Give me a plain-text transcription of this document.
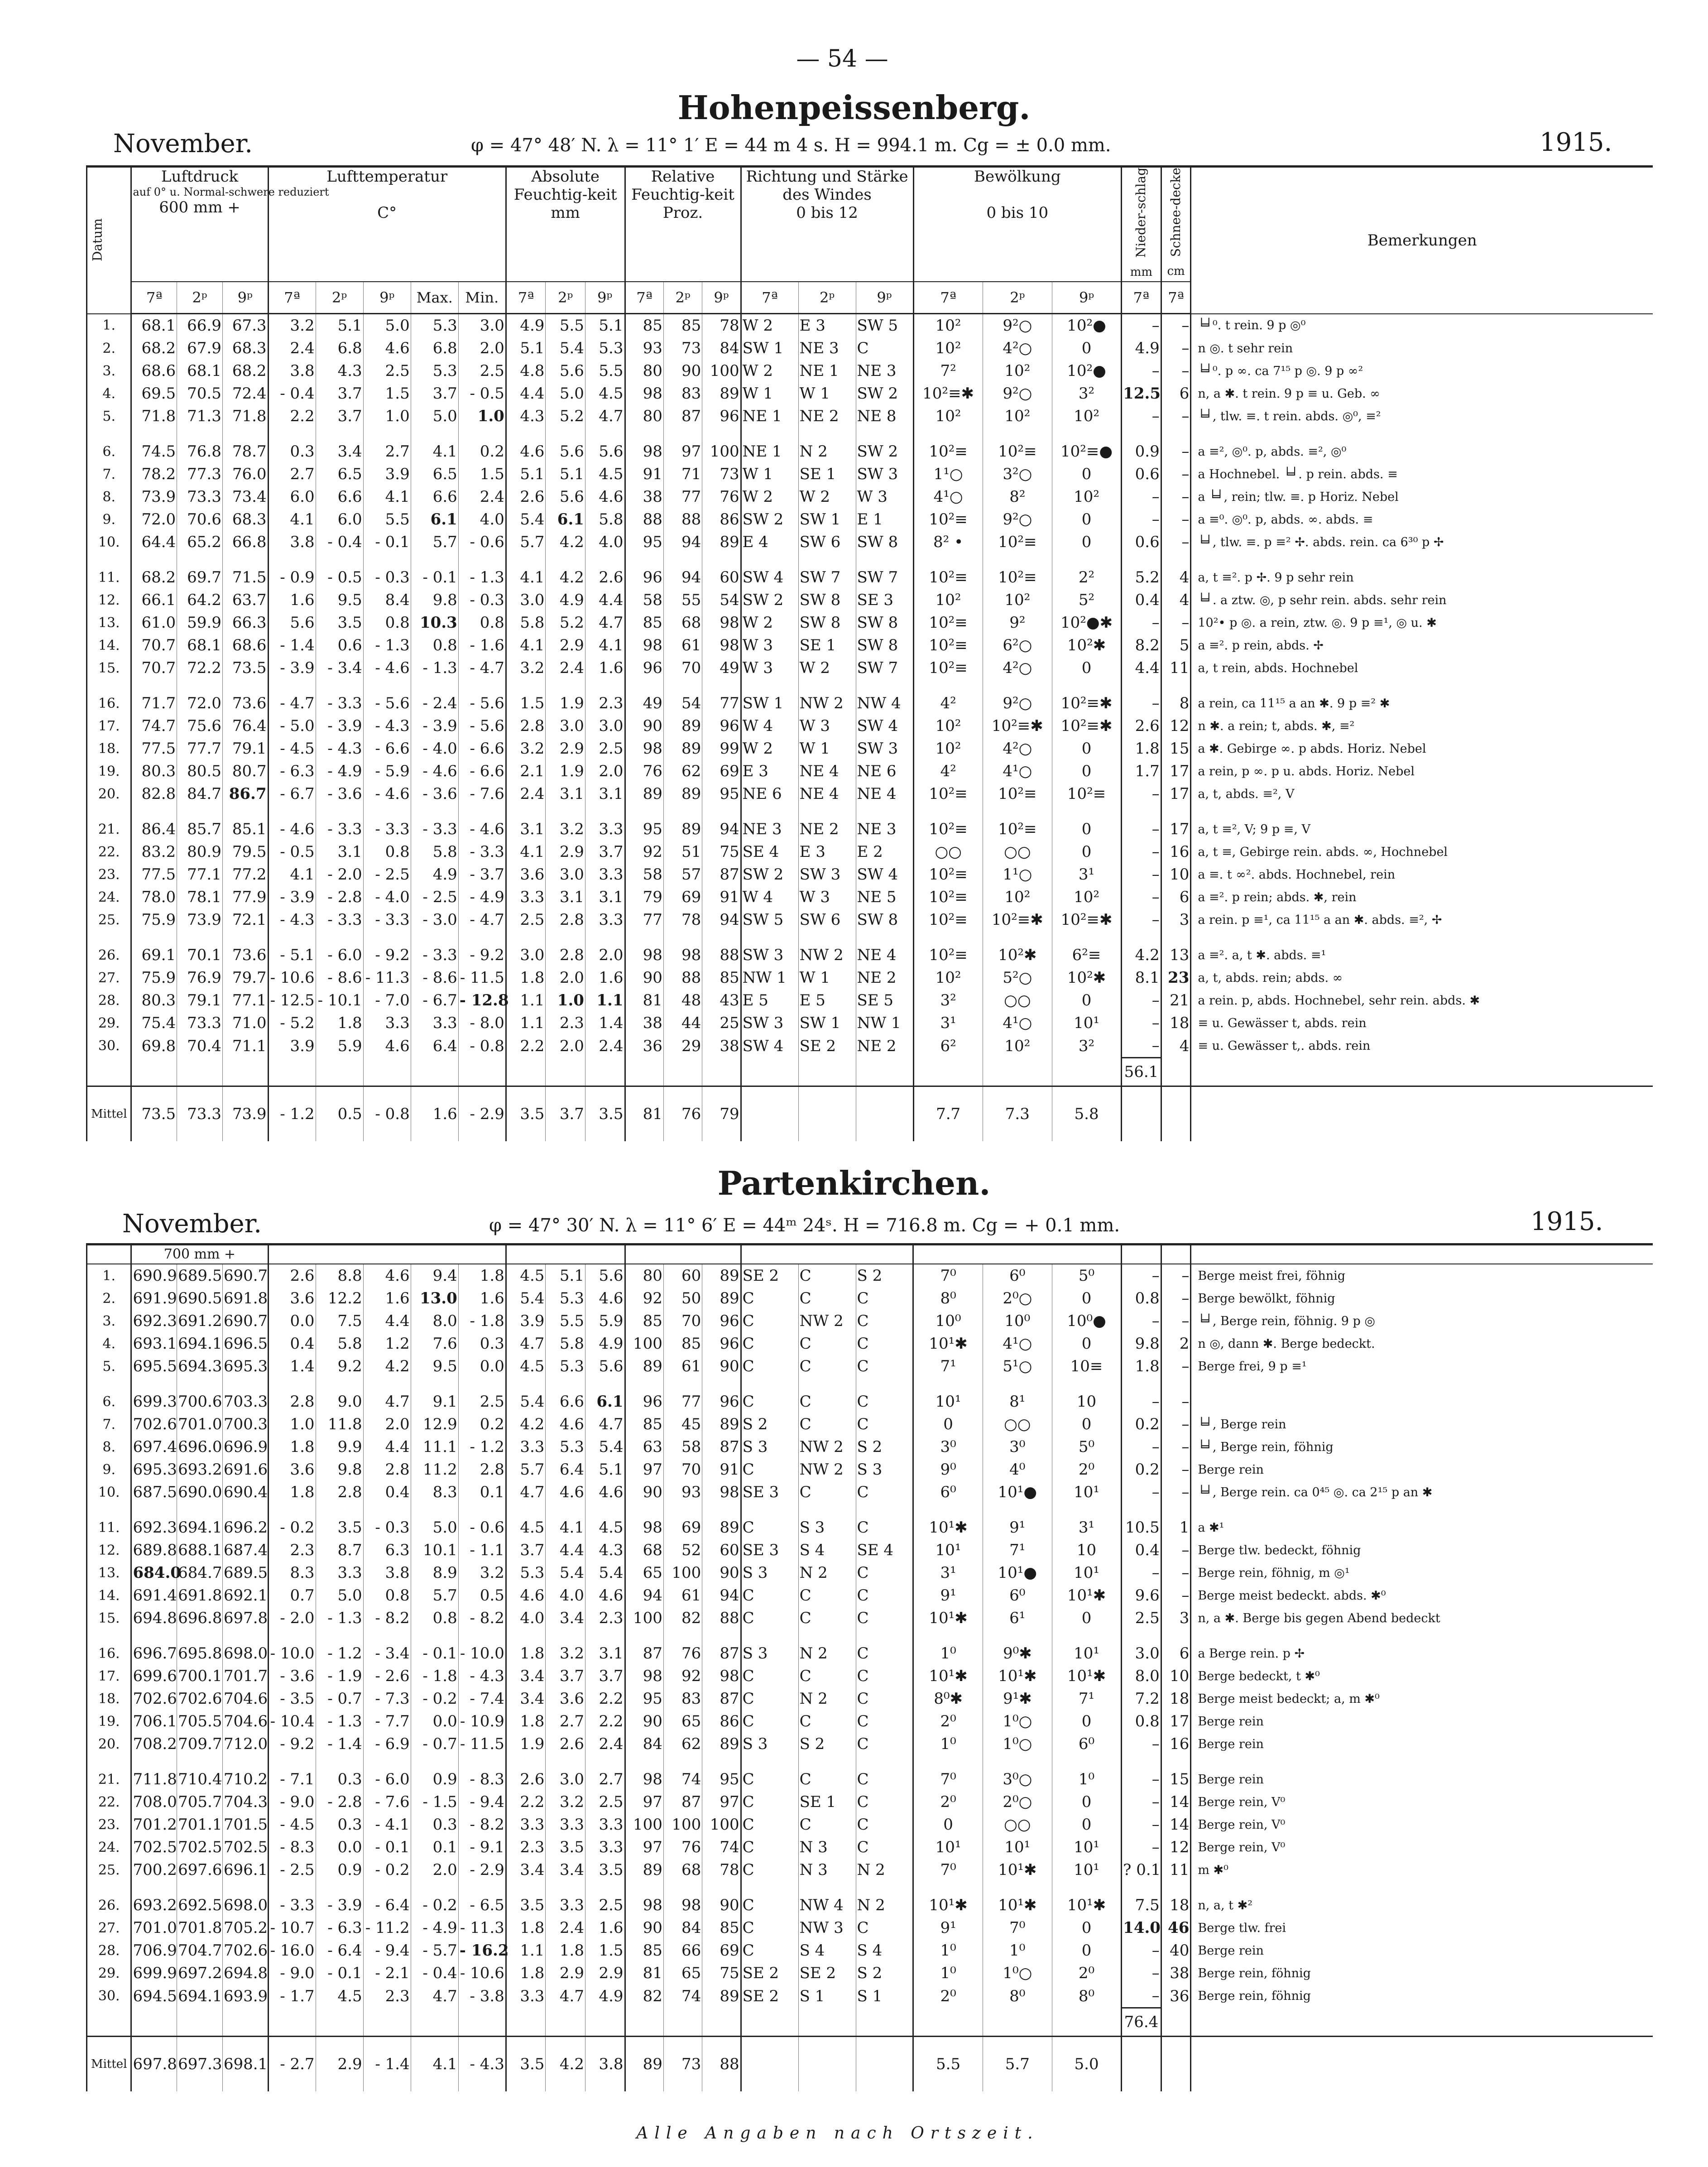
— 54 —
Hohenpeissenberg.
November.	φ = 47° 48′ N. λ = 11° 1′ E = 44 m 4 s. H = 994.1 m. Cg = ± 0.0 mm.	1915.
Datum	Luftdruck
auf 0° u. Normal-schwere reduziert
600 mm +			Lufttemperatur

C°					Absolute Feuchtig-keit
mm			Relative Feuchtig-keit
Proz.			Richtung und Stärke des Windes
0 bis 12			Bewölkung

0 bis 10			Nieder-schlag
mm	Schnee-decke
cm	Bemerkungen
	7ª	2ᵖ	9ᵖ	7ª	2ᵖ	9ᵖ	Max.	Min.	7ª	2ᵖ	9ᵖ	7ª	2ᵖ	9ᵖ	7ª	2ᵖ	9ᵖ	7ª	2ᵖ	9ᵖ	7ª	7ª	
1.	68.1	66.9	67.3	3.2	5.1	5.0	5.3	3.0	4.9	5.5	5.1	85	85	78	W 2	E 3	SW 5	10²	9²○	10²●	–	–	╘╛⁰. t rein. 9 p ◎⁰
2.	68.2	67.9	68.3	2.4	6.8	4.6	6.8	2.0	5.1	5.4	5.3	93	73	84	SW 1	NE 3	C	10²	4²○	0	4.9	–	n ◎. t sehr rein
3.	68.6	68.1	68.2	3.8	4.3	2.5	5.3	2.5	4.8	5.6	5.5	80	90	100	W 2	NE 1	NE 3	7²	10²	10²●	–	–	╘╛⁰. p ∞. ca 7¹⁵ p ◎. 9 p ∞²
4.	69.5	70.5	72.4	- 0.4	3.7	1.5	3.7	- 0.5	4.4	5.0	4.5	98	83	89	W 1	W 1	SW 2	10²≡✱	9²○	3²	12.5	6	n, a ✱. t rein. 9 p ≡ u. Geb. ∞
5.	71.8	71.3	71.8	2.2	3.7	1.0	5.0	1.0	4.3	5.2	4.7	80	87	96	NE 1	NE 2	NE 8	10²	10²	10²	–	–	╘╛, tlw. ≡. t rein. abds. ◎⁰, ≡²

6.	74.5	76.8	78.7	0.3	3.4	2.7	4.1	0.2	4.6	5.6	5.6	98	97	100	NE 1	N 2	SW 2	10²≡	10²≡	10²≡●	0.9	–	a ≡², ◎⁰. p, abds. ≡², ◎⁰
7.	78.2	77.3	76.0	2.7	6.5	3.9	6.5	1.5	5.1	5.1	4.5	91	71	73	W 1	SE 1	SW 3	1¹○	3²○	0	0.6	–	a Hochnebel. ╘╛. p rein. abds. ≡
8.	73.9	73.3	73.4	6.0	6.6	4.1	6.6	2.4	2.6	5.6	4.6	38	77	76	W 2	W 2	W 3	4¹○	8²	10²	–	–	a ╘╛, rein; tlw. ≡. p Horiz. Nebel
9.	72.0	70.6	68.3	4.1	6.0	5.5	6.1	4.0	5.4	6.1	5.8	88	88	86	SW 2	SW 1	E 1	10²≡	9²○	0	–	–	a ≡⁰. ◎⁰. p, abds. ∞. abds. ≡
10.	64.4	65.2	66.8	3.8	- 0.4	- 0.1	5.7	- 0.6	5.7	4.2	4.0	95	94	89	E 4	SW 6	SW 8	8² •	10²≡	0	0.6	–	╘╛, tlw. ≡. p ≡² ✢. abds. rein. ca 6³⁰ p ✢

11.	68.2	69.7	71.5	- 0.9	- 0.5	- 0.3	- 0.1	- 1.3	4.1	4.2	2.6	96	94	60	SW 4	SW 7	SW 7	10²≡	10²≡	2²	5.2	4	a, t ≡². p ✢. 9 p sehr rein
12.	66.1	64.2	63.7	1.6	9.5	8.4	9.8	- 0.3	3.0	4.9	4.4	58	55	54	SW 2	SW 8	SE 3	10²	10²	5²	0.4	4	╘╛. a ztw. ◎, p sehr rein. abds. sehr rein
13.	61.0	59.9	66.3	5.6	3.5	0.8	10.3	0.8	5.8	5.2	4.7	85	68	98	W 2	SW 8	SW 8	10²≡	9²	10²●✱	–	–	10²• p ◎. a rein, ztw. ◎. 9 p ≡¹, ◎ u. ✱
14.	70.7	68.1	68.6	- 1.4	0.6	- 1.3	0.8	- 1.6	4.1	2.9	4.1	98	61	98	W 3	SE 1	SW 8	10²≡	6²○	10²✱	8.2	5	a ≡². p rein, abds. ✢
15.	70.7	72.2	73.5	- 3.9	- 3.4	- 4.6	- 1.3	- 4.7	3.2	2.4	1.6	96	70	49	W 3	W 2	SW 7	10²≡	4²○	0	4.4	11	a, t rein, abds. Hochnebel

16.	71.7	72.0	73.6	- 4.7	- 3.3	- 5.6	- 2.4	- 5.6	1.5	1.9	2.3	49	54	77	SW 1	NW 2	NW 4	4²	9²○	10²≡✱	–	8	a rein, ca 11¹⁵ a an ✱. 9 p ≡² ✱
17.	74.7	75.6	76.4	- 5.0	- 3.9	- 4.3	- 3.9	- 5.6	2.8	3.0	3.0	90	89	96	W 4	W 3	SW 4	10²	10²≡✱	10²≡✱	2.6	12	n ✱. a rein; t, abds. ✱, ≡²
18.	77.5	77.7	79.1	- 4.5	- 4.3	- 6.6	- 4.0	- 6.6	3.2	2.9	2.5	98	89	99	W 2	W 1	SW 3	10²	4²○	0	1.8	15	a ✱. Gebirge ∞. p abds. Horiz. Nebel
19.	80.3	80.5	80.7	- 6.3	- 4.9	- 5.9	- 4.6	- 6.6	2.1	1.9	2.0	76	62	69	E 3	NE 4	NE 6	4²	4¹○	0	1.7	17	a rein, p ∞. p u. abds. Horiz. Nebel
20.	82.8	84.7	86.7	- 6.7	- 3.6	- 4.6	- 3.6	- 7.6	2.4	3.1	3.1	89	89	95	NE 6	NE 4	NE 4	10²≡	10²≡	10²≡	–	17	a, t, abds. ≡², V

21.	86.4	85.7	85.1	- 4.6	- 3.3	- 3.3	- 3.3	- 4.6	3.1	3.2	3.3	95	89	94	NE 3	NE 2	NE 3	10²≡	10²≡	0	–	17	a, t ≡², V; 9 p ≡, V
22.	83.2	80.9	79.5	- 0.5	3.1	0.8	5.8	- 3.3	4.1	2.9	3.7	92	51	75	SE 4	E 3	E 2	○○	○○	0	–	16	a, t ≡, Gebirge rein. abds. ∞, Hochnebel
23.	77.5	77.1	77.2	4.1	- 2.0	- 2.5	4.9	- 3.7	3.6	3.0	3.3	58	57	87	SW 2	SW 3	SW 4	10²≡	1¹○	3¹	–	10	a ≡. t ∞². abds. Hochnebel, rein
24.	78.0	78.1	77.9	- 3.9	- 2.8	- 4.0	- 2.5	- 4.9	3.3	3.1	3.1	79	69	91	W 4	W 3	NE 5	10²≡	10²	10²	–	6	a ≡². p rein; abds. ✱, rein
25.	75.9	73.9	72.1	- 4.3	- 3.3	- 3.3	- 3.0	- 4.7	2.5	2.8	3.3	77	78	94	SW 5	SW 6	SW 8	10²≡	10²≡✱	10²≡✱	–	3	a rein. p ≡¹, ca 11¹⁵ a an ✱. abds. ≡², ✢

26.	69.1	70.1	73.6	- 5.1	- 6.0	- 9.2	- 3.3	- 9.2	3.0	2.8	2.0	98	98	88	SW 3	NW 2	NE 4	10²≡	10²✱	6²≡	4.2	13	a ≡². a, t ✱. abds. ≡¹
27.	75.9	76.9	79.7	- 10.6	- 8.6	- 11.3	- 8.6	- 11.5	1.8	2.0	1.6	90	88	85	NW 1	W 1	NE 2	10²	5²○	10²✱	8.1	23	a, t, abds. rein; abds. ∞
28.	80.3	79.1	77.1	- 12.5	- 10.1	- 7.0	- 6.7	- 12.8	1.1	1.0	1.1	81	48	43	E 5	E 5	SE 5	3²	○○	0	–	21	a rein. p, abds. Hochnebel, sehr rein. abds. ✱
29.	75.4	73.3	71.0	- 5.2	1.8	3.3	3.3	- 8.0	1.1	2.3	1.4	38	44	25	SW 3	SW 1	NW 1	3¹	4¹○	10¹	–	18	≡ u. Gewässer t, abds. rein
30.	69.8	70.4	71.1	3.9	5.9	4.6	6.4	- 0.8	2.2	2.0	2.4	36	29	38	SW 4	SE 2	NE 2	6²	10²	3²	–	4	≡ u. Gewässer t,. abds. rein
																					56.1		
Mittel	73.5	73.3	73.9	- 1.2	0.5	- 0.8	1.6	- 2.9	3.5	3.7	3.5	81	76	79				7.7	7.3	5.8			
Partenkirchen.
November.	φ = 47° 30′ N. λ = 11° 6′ E = 44ᵐ 24ˢ. H = 716.8 m. Cg = + 0.1 mm.	1915.
	700 mm +																						
1.	690.9	689.5	690.7	2.6	8.8	4.6	9.4	1.8	4.5	5.1	5.6	80	60	89	SE 2	C	S 2	7⁰	6⁰	5⁰	–	–	Berge meist frei, föhnig
2.	691.9	690.5	691.8	3.6	12.2	1.6	13.0	1.6	5.4	5.3	4.6	92	50	89	C	C	C	8⁰	2⁰○	0	0.8	–	Berge bewölkt, föhnig
3.	692.3	691.2	690.7	0.0	7.5	4.4	8.0	- 1.8	3.9	5.5	5.9	85	70	96	C	NW 2	C	10⁰	10⁰	10⁰●	–	–	╘╛, Berge rein, föhnig. 9 p ◎
4.	693.1	694.1	696.5	0.4	5.8	1.2	7.6	0.3	4.7	5.8	4.9	100	85	96	C	C	C	10¹✱	4¹○	0	9.8	2	n ◎, dann ✱. Berge bedeckt.
5.	695.5	694.3	695.3	1.4	9.2	4.2	9.5	0.0	4.5	5.3	5.6	89	61	90	C	C	C	7¹	5¹○	10≡	1.8	–	Berge frei, 9 p ≡¹

6.	699.3	700.6	703.3	2.8	9.0	4.7	9.1	2.5	5.4	6.6	6.1	96	77	96	C	C	C	10¹	8¹	10	–	–	
7.	702.6	701.0	700.3	1.0	11.8	2.0	12.9	0.2	4.2	4.6	4.7	85	45	89	S 2	C	C	0	○○	0	0.2	–	╘╛, Berge rein
8.	697.4	696.0	696.9	1.8	9.9	4.4	11.1	- 1.2	3.3	5.3	5.4	63	58	87	S 3	NW 2	S 2	3⁰	3⁰	5⁰	–	–	╘╛, Berge rein, föhnig
9.	695.3	693.2	691.6	3.6	9.8	2.8	11.2	2.8	5.7	6.4	5.1	97	70	91	C	NW 2	S 3	9⁰	4⁰	2⁰	0.2	–	Berge rein
10.	687.5	690.0	690.4	1.8	2.8	0.4	8.3	0.1	4.7	4.6	4.6	90	93	98	SE 3	C	C	6⁰	10¹●	10¹	–	–	╘╛, Berge rein. ca 0⁴⁵ ◎. ca 2¹⁵ p an ✱

11.	692.3	694.1	696.2	- 0.2	3.5	- 0.3	5.0	- 0.6	4.5	4.1	4.5	98	69	89	C	S 3	C	10¹✱	9¹	3¹	10.5	1	a ✱¹
12.	689.8	688.1	687.4	2.3	8.7	6.3	10.1	- 1.1	3.7	4.4	4.3	68	52	60	SE 3	S 4	SE 4	10¹	7¹	10	0.4	–	Berge tlw. bedeckt, föhnig
13.	684.0	684.7	689.5	8.3	3.3	3.8	8.9	3.2	5.3	5.4	5.4	65	100	90	S 3	N 2	C	3¹	10¹●	10¹	–	–	Berge rein, föhnig, m ◎¹
14.	691.4	691.8	692.1	0.7	5.0	0.8	5.7	0.5	4.6	4.0	4.6	94	61	94	C	C	C	9¹	6⁰	10¹✱	9.6	–	Berge meist bedeckt. abds. ✱⁰
15.	694.8	696.8	697.8	- 2.0	- 1.3	- 8.2	0.8	- 8.2	4.0	3.4	2.3	100	82	88	C	C	C	10¹✱	6¹	0	2.5	3	n, a ✱. Berge bis gegen Abend bedeckt

16.	696.7	695.8	698.0	- 10.0	- 1.2	- 3.4	- 0.1	- 10.0	1.8	3.2	3.1	87	76	87	S 3	N 2	C	1⁰	9⁰✱	10¹	3.0	6	a Berge rein. p ✢
17.	699.6	700.1	701.7	- 3.6	- 1.9	- 2.6	- 1.8	- 4.3	3.4	3.7	3.7	98	92	98	C	C	C	10¹✱	10¹✱	10¹✱	8.0	10	Berge bedeckt, t ✱⁰
18.	702.6	702.6	704.6	- 3.5	- 0.7	- 7.3	- 0.2	- 7.4	3.4	3.6	2.2	95	83	87	C	N 2	C	8⁰✱	9¹✱	7¹	7.2	18	Berge meist bedeckt; a, m ✱⁰
19.	706.1	705.5	704.6	- 10.4	- 1.3	- 7.7	0.0	- 10.9	1.8	2.7	2.2	90	65	86	C	C	C	2⁰	1⁰○	0	0.8	17	Berge rein
20.	708.2	709.7	712.0	- 9.2	- 1.4	- 6.9	- 0.7	- 11.5	1.9	2.6	2.4	84	62	89	S 3	S 2	C	1⁰	1⁰○	6⁰	–	16	Berge rein

21.	711.8	710.4	710.2	- 7.1	0.3	- 6.0	0.9	- 8.3	2.6	3.0	2.7	98	74	95	C	C	C	7⁰	3⁰○	1⁰	–	15	Berge rein
22.	708.0	705.7	704.3	- 9.0	- 2.8	- 7.6	- 1.5	- 9.4	2.2	3.2	2.5	97	87	97	C	SE 1	C	2⁰	2⁰○	0	–	14	Berge rein, V⁰
23.	701.2	701.1	701.5	- 4.5	0.3	- 4.1	0.3	- 8.2	3.3	3.3	3.3	100	100	100	C	C	C	0	○○	0	–	14	Berge rein, V⁰
24.	702.5	702.5	702.5	- 8.3	0.0	- 0.1	0.1	- 9.1	2.3	3.5	3.3	97	76	74	C	N 3	C	10¹	10¹	10¹	–	12	Berge rein, V⁰
25.	700.2	697.6	696.1	- 2.5	0.9	- 0.2	2.0	- 2.9	3.4	3.4	3.5	89	68	78	C	N 3	N 2	7⁰	10¹✱	10¹	? 0.1	11	m ✱⁰

26.	693.2	692.5	698.0	- 3.3	- 3.9	- 6.4	- 0.2	- 6.5	3.5	3.3	2.5	98	98	90	C	NW 4	N 2	10¹✱	10¹✱	10¹✱	7.5	18	n, a, t ✱²
27.	701.0	701.8	705.2	- 10.7	- 6.3	- 11.2	- 4.9	- 11.3	1.8	2.4	1.6	90	84	85	C	NW 3	C	9¹	7⁰	0	14.0	46	Berge tlw. frei
28.	706.9	704.7	702.6	- 16.0	- 6.4	- 9.4	- 5.7	- 16.2	1.1	1.8	1.5	85	66	69	C	S 4	S 4	1⁰	1⁰	0	–	40	Berge rein
29.	699.9	697.2	694.8	- 9.0	- 0.1	- 2.1	- 0.4	- 10.6	1.8	2.9	2.9	81	65	75	SE 2	SE 2	S 2	1⁰	1⁰○	2⁰	–	38	Berge rein, föhnig
30.	694.5	694.1	693.9	- 1.7	4.5	2.3	4.7	- 3.8	3.3	4.7	4.9	82	74	89	SE 2	S 1	S 1	2⁰	8⁰	8⁰	–	36	Berge rein, föhnig
																					76.4		
Mittel	697.8	697.3	698.1	- 2.7	2.9	- 1.4	4.1	- 4.3	3.5	4.2	3.8	89	73	88				5.5	5.7	5.0			
Alle Angaben nach Ortszeit.
